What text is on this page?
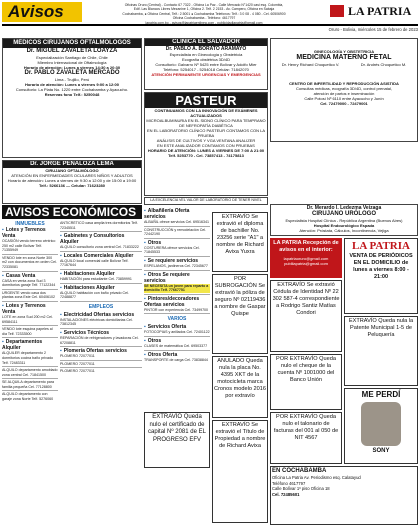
Avisos	Oficinas Oruro (Central) - Contacto 67 7322 - Oficina La Paz - Calle Mercado N°1420 casi esq. Colombia,
Edif. Las Blancos Libres Mezanine 1, Oficina 2. Telf. 2 2153 - Av. Campero, Oficina en Sabaja
Cochabamba, ● Oficina Central, Telf.: 2.5001 ● Cochabamba Telefonos: Telf.: 3 0 08 - 4 080 - Cel. 60506900
Oficina Cochabamba - Teléfono: 4617797
lapatria.com.bo - avisos@lapatriaenlinea.com - publicidadlapatria@gmail.com
LA PATRIA
Oruro - Bolivia, miércoles 15 de febrero de 2023
MÉDICOS CIRUJANOS OFTALMÓLOGOS
Dr. MIGUEL ZAVALETA LOAYZA
Especialización Santiago de Chile, Chile
Miembro Internacional de Oftalmología
Horario de atención: Lunes a viernes 14:30 a 20:30
Dr. PABLO ZAVALETA MERCADO
Lima - Trujillo, Perú
Horario de atención: Lunes a viernes 9:00 a 12:00
Consultorio: La Plata No. 1220 entre Cochabamba y Ayacucho.
Reservas fono Telf.: 5250048
Dr. JORGE PEÑALOZA LEMA
CIRUJANO OFTALMÓLOGO
ATENCIÓN EN ENFERMEDADES OCULARES NIÑOS Y ADULTOS
Horario de atención: Lunes a viernes de 9:30 a 12:00 y de 15:00 a 19:00
Telf.: 5266136 — Celular: 71623280
CLINICA EL SALVADOR
Dr. PABLO A. BORATO ARAMAYO
Especialista en Ginecología y Obstetricia
Ecografía obstétrica 3D/4D
Consultorio: Galvarro Nº 5425 entre Bolívar y Adolfo Mier
Teléfono: 5254017 - 5254018 Celular: 71842070
ATENCIÓN PERMANENTE URGENCIAS Y EMERGENCIAS
PASTEUR
CONTINUAMOS CON LA INNOVACIÓN DE EXÁMENES ACTUALIZADOS
MICROALBUMINURIA EN EL SIDNO CLÍNICO PARA TEMPRANO DE NEFROPATÍA DIABÉTICA
EN EL LABORATORIO CLÍNICO PASTEUR CONTAMOS CON LA PRUEBA
ANÁLISIS DE CULTIVOS Y VGA VENTANA ANALIZER
EN ESTE ANALIZADOR CONTAMOS CON PRUEBAS
HORARIO DE ATENCIÓN: LUNES A VIERNES DE 7:00 A 21:00
Telf. 5253770 - Cel. 73857413 - 74175813
LA EXCELENCIA VEL VALOR DE LABORATORIO DE TENER NIVEL
GINECOLOGÍA Y OBSTETRICIA
MEDICINA MATERNO FETAL
Dr. Henry Richard Choquetico V.	Dr. Andrés Choquetico M.
CENTRO DE INFERTILIDAD Y REPRODUCCIÓN ASISTIDA
Consultas médicas, ecografía 3D/4D, control prenatal,
atención de partos e inseminación
Calle Potosí Nº 6110 entre Ayacucho y Junín
Cel. 72479000 - 72479001
Dr. Merardo I. Ledezma Veizaga
CIRUJANO URÓLOGO
Especialista Hospital Clínica - República Argentina (Buenos Aires)
Hospital Endourológico Espada
Atención: Próstata, Cálculos, Incontinencia, Vejiga
AVISOS ECONÓMICOS
INMUEBLES
▪ Lotes y Terrenos Venta
OCASIÓN vendo terreno céntrico 250 m2 calle Bolívar Telf. 71355949
VENDO lote en zona Norte 300 m2 con documentos en orden Cel. 72335081
▪ Casas Venta
CASA en venta zona Sud 3 dormitorios garaje Telf. 77122344
URGENTE vendo casa dos plantas zona Este Cel. 60406102
▪ Lotes y Terrenos Venta
LOTE en zona Sud 200 m2 Cel. 69584111
VENDO lote esquina papeles al día Telf. 72333500
▪ Departamentos Alquiler
ALQUILER departamento 2 dormitorios cocina baño privado Telf. 72483311
ALQUILO departamento amoblado zona central Cel. 71841500
SE ALQUILA departamento para familia pequeña Cel. 77128800
ALQUILO departamento con garaje zona Norte Telf. 5276060
ANTICRÉTICO casa amplia tres dormitorios Telf. 72345511
▪ Gabinetes y Consultorios Alquiler
ALQUILO consultorio zona central Cel. 71833222
▪ Locales Comerciales Alquiler
ALQUILO local comercial calle Bolívar Telf. 77167644
▪ Habitaciones Alquiler
HABITACIÓN para estudiante Cel. 73859991
▪ Habitaciones Alquiler
ALQUILO habitación con baño privado Cel. 72488877
EMPLEOS
▪ Electricidad Ofertas servicios
INSTALACIONES eléctricas domiciliarias Cel. 73812345
▪ Servicios Técnicos
REPARACIÓN de refrigeradores y lavadoras Cel. 67208811
▪ Plomería Ofertas servicios
PLOMERO 72077011
PLOMERO 72077011
PLOMERO 72077011
▪ Albañilería Oferta servicios
ALBAÑIL ofrece servicios Cel. 69516341
CONSTRUCCIÓN y remodelación Cel. 72442190
▪ Otros
COSTURERA ofrece servicios Cel. 71845533
▪ Se requiere servicios
ESPELANOS, jardineros Cel. 72345677
▪ Otros Se requiere servicios
SE NECESITA un joven para reparto a domicilio Telf. 77667751
▪ Pintores/decoradores Ofertas servicios
PINTOR con experiencia Cel. 73499700
VARIOS
▪ Servicios Oferta
FOTOCOPIAS y anillados Cel. 72401122
▪ Otros
CLASES de matemática Cel. 69503377
▪ Otros Oferta
TRANSPORTE de carga Cel. 73838844
EXTRAVÍO Se extravió el diploma de bachiller No. 23256 serie "A1" a nombre de Richard Avixa Yuxra
POR SUBROGACIÓN Se extravió la póliza de seguro Nº 02119436 a nombre de Gaspar Quispe
ANULADO Queda nula la placa No. 4395 XKT de la motocicleta marca Cronos modelo 2016 por extravío
EXTRAVÍO Queda nulo el certificado de capital Nº 2081 de EL PROGRESO EFV
EXTRAVÍO Se extravió el Título de Propiedad a nombre de Richard Avixa
LA PATRIA Recepción de avisos en el interior:
lapatriaoruro@gmail.com
publilapatria@gmail.com
LA PATRIA
VENTA DE PERIÓDICOS EN EL DOMICILIO de lunes a viernes 8:00 - 21:00
EXTRAVÍO Se extravió Cédula de Identidad Nº 22 302 587-4 correspondiente a Rodrigo Santiz Matías Condori
POR EXTRAVÍO Queda nulo el cheque de la cuenta Nº 1001000 del Banco Unión
POR EXTRAVÍO Queda nulo el talonario de facturas del 001 al 050 de NIT 4567
EXTRAVÍO Queda nula la Patente Municipal 1-5 de Peluquería
ME PERDÍ
SONY
EN COCHABAMBA
Oficina La Patria Av. Periodismo esq. Calatayud
Teléfono 4617797
Calle Bolívar 1º piso Oficina 18
Cel. 72485601
